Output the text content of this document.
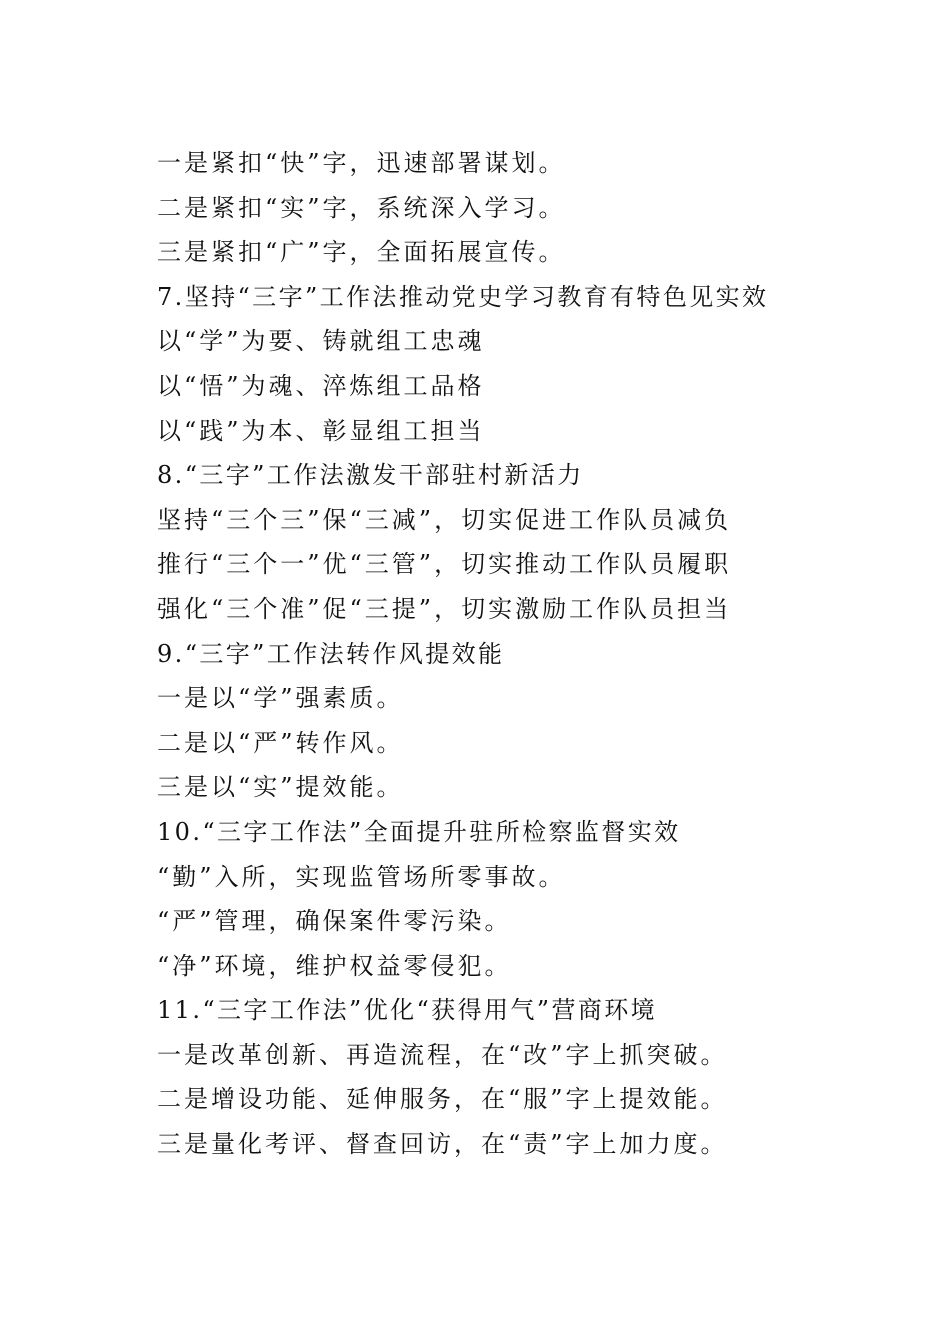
一是紧扣“快”字，迅速部署谋划。
二是紧扣“实”字，系统深入学习。
三是紧扣“广”字，全面拓展宣传。
7.坚持“三字”工作法推动党史学习教育有特色见实效
以“学”为要、铸就组工忠魂
以“悟”为魂、淬炼组工品格
以“践”为本、彰显组工担当
8.“三字”工作法激发干部驻村新活力
坚持“三个三”保“三减”，切实促进工作队员减负
推行“三个一”优“三管”，切实推动工作队员履职
强化“三个准”促“三提”，切实激励工作队员担当
9.“三字”工作法转作风提效能
一是以“学”强素质。
二是以“严”转作风。
三是以“实”提效能。
10.“三字工作法”全面提升驻所检察监督实效
“勤”入所，实现监管场所零事故。
“严”管理，确保案件零污染。
“净”环境，维护权益零侵犯。
11.“三字工作法”优化“获得用气”营商环境
一是改革创新、再造流程，在“改”字上抓突破。
二是增设功能、延伸服务，在“服”字上提效能。
三是量化考评、督查回访，在“责”字上加力度。
